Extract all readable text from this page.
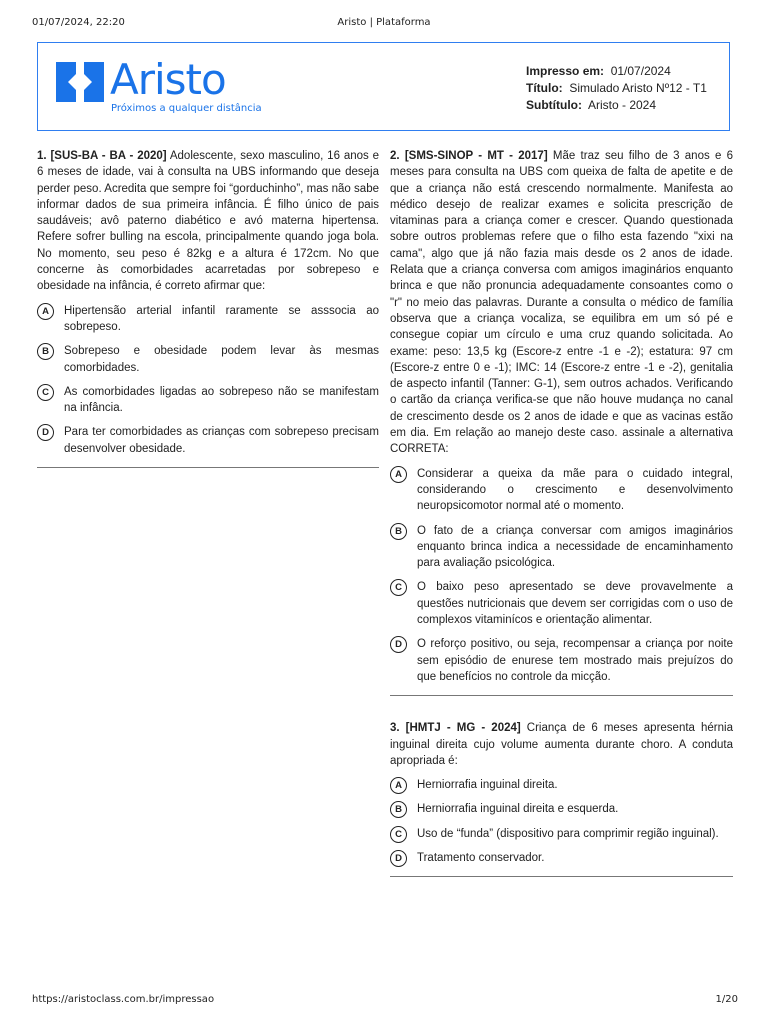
01/07/2024, 22:20	Aristo | Plataforma
Aristo
Próximos a qualquer distância
Impresso em: 01/07/2024
Título: Simulado Aristo Nº12 - T1
Subtítulo: Aristo - 2024

1. [SUS-BA - BA - 2020] Adolescente, sexo masculino, 16 anos e 6 meses de idade, vai à consulta na UBS informando que deseja perder peso. Acredita que sempre foi “gorduchinho”, mas não sabe informar dados de sua primeira infância. É filho único de pais saudáveis; avô paterno diabético e avó materna hipertensa. Refere sofrer bulling na escola, principalmente quando joga bola. No momento, seu peso é 82kg e a altura é 172cm. No que concerne às comorbidades acarretadas por sobrepeso e obesidade na infância, é correto afirmar que:

A	Hipertensão arterial infantil raramente se asssocia ao sobrepeso.
B	Sobrepeso e obesidade podem levar às mesmas comorbidades.
C	As comorbidades ligadas ao sobrepeso não se manifestam na infância.
D	Para ter comorbidades as crianças com sobrepeso precisam desenvolver obesidade.

2. [SMS-SINOP - MT - 2017] Mãe traz seu filho de 3 anos e 6 meses para consulta na UBS com queixa de falta de apetite e de que a criança não está crescendo normalmente. Manifesta ao médico desejo de realizar exames e solicita prescrição de vitaminas para a criança comer e crescer. Quando questionada sobre outros problemas refere que o filho esta fazendo "xixi na cama", algo que já não fazia mais desde os 2 anos de idade. Relata que a criança conversa com amigos imaginários enquanto brinca e que não pronuncia adequadamente consoantes como o "r" no meio das palavras. Durante a consulta o médico de família observa que a criança vocaliza, se equilibra em um só pé e consegue copiar um círculo e uma cruz quando solicitada. Ao exame: peso: 13,5 kg (Escore-z entre -1 e -2); estatura: 97 cm (Escore-z entre 0 e -1); IMC: 14 (Escore-z entre -1 e -2), genitalia de aspecto infantil (Tanner: G-1), sem outros achados. Verificando o cartão da criança verifica-se que não houve mudança no canal de crescimento desde os 2 anos de idade e que as vacinas estão em dia. Em relação ao manejo deste caso. assinale a alternativa CORRETA:

A	Considerar a queixa da mãe para o cuidado integral, considerando o crescimento e desenvolvimento neuropsicomotor normal até o momento.
B	O fato de a criança conversar com amigos imaginários enquanto brinca indica a necessidade de encaminhamento para avaliação psicológica.
C	O baixo peso apresentado se deve provavelmente a questões nutricionais que devem ser corrigidas com o uso de complexos vitaminícos e orientação alimentar.
D	O reforço positivo, ou seja, recompensar a criança por noite sem episódio de enurese tem mostrado mais prejuízos do que benefícios no controle da micção.

3. [HMTJ - MG - 2024] Criança de 6 meses apresenta hérnia inguinal direita cujo volume aumenta durante choro. A conduta apropriada é:

A	Herniorrafia inguinal direita.
B	Herniorrafia inguinal direita e esquerda.
C	Uso de “funda” (dispositivo para comprimir região inguinal).
D	Tratamento conservador.
https://aristoclass.com.br/impressao	1/20
